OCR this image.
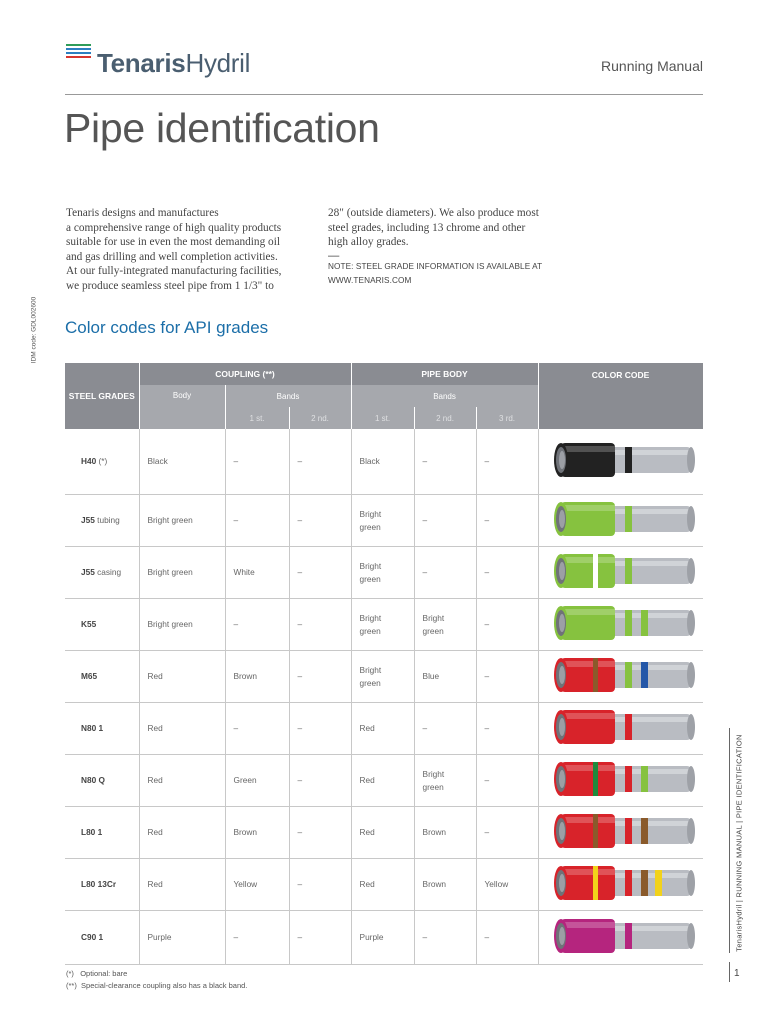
TenarisHydril	Running Manual
Pipe identification
IDM code: GDL002600
Tenaris designs and manufactures
a comprehensive range of high quality products
suitable for use in even the most demanding oil
and gas drilling and well completion activities.
At our fully-integrated manufacturing facilities,
we produce seamless steel pipe from 1 1/3" to
28" (outside diameters). We also produce most
steel grades, including 13 chrome and other
high alloy grades.
—
NOTE: STEEL GRADE INFORMATION IS AVAILABLE AT
WWW.TENARIS.COM
Color codes for API grades
STEEL GRADES	COUPLING (**)			PIPE BODY			COLOR CODE
	Body	Bands		Bands			
		1 st.	2 nd.	1 st.	2 nd.	3 rd.	
H40 (*)	Black	–	–	Black	–	–	
J55 tubing	Bright green	–	–	Bright green	–	–	
J55 casing	Bright green	White	–	Bright green	–	–	
K55	Bright green	–	–	Bright green	Bright green	–	
M65	Red	Brown	–	Bright green	Blue	–	
N80 1	Red	–	–	Red	–	–	
N80 Q	Red	Green	–	Red	Bright green	–	
L80 1	Red	Brown	–	Red	Brown	–	
L80 13Cr	Red	Yellow	–	Red	Brown	Yellow	
C90 1	Purple	–	–	Purple	–	–	
(*) Optional: bare
(**) Special-clearance coupling also has a black band.
TenarisHydril | RUNNING MANUAL | PIPE IDENTIFICATION
1
